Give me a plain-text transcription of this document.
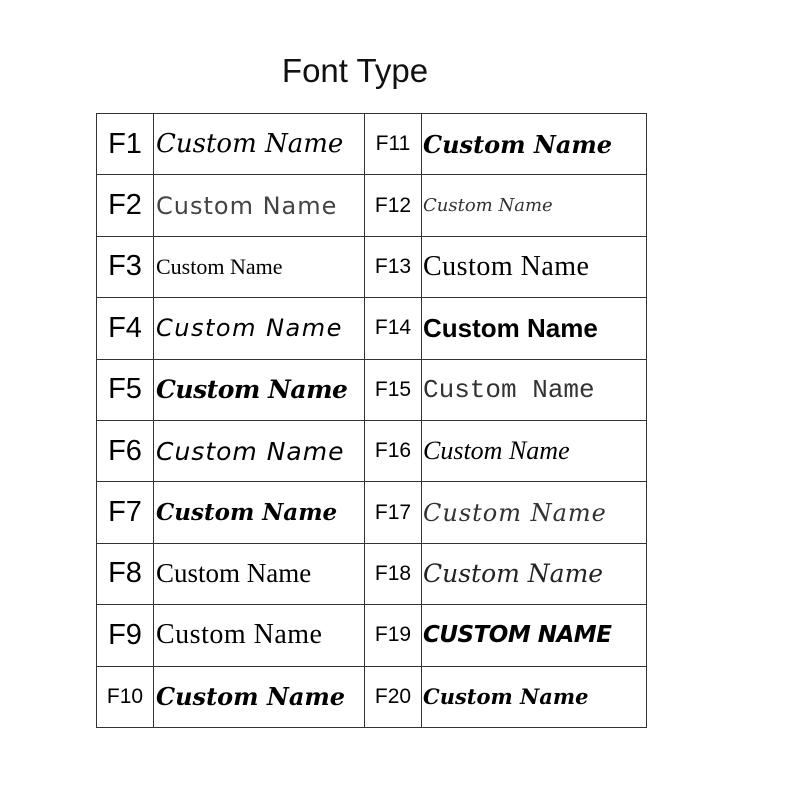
Font Type
F1	Custom Name	F11	Custom Name
F2	Custom Name	F12	Custom Name
F3	Custom Name	F13	Custom Name
F4	Custom Name	F14	Custom Name
F5	Custom Name	F15	Custom Name
F6	Custom Name	F16	Custom Name
F7	Custom Name	F17	Custom Name
F8	Custom Name	F18	Custom Name
F9	Custom Name	F19	CUSTOM NAME
F10	Custom Name	F20	Custom Name
